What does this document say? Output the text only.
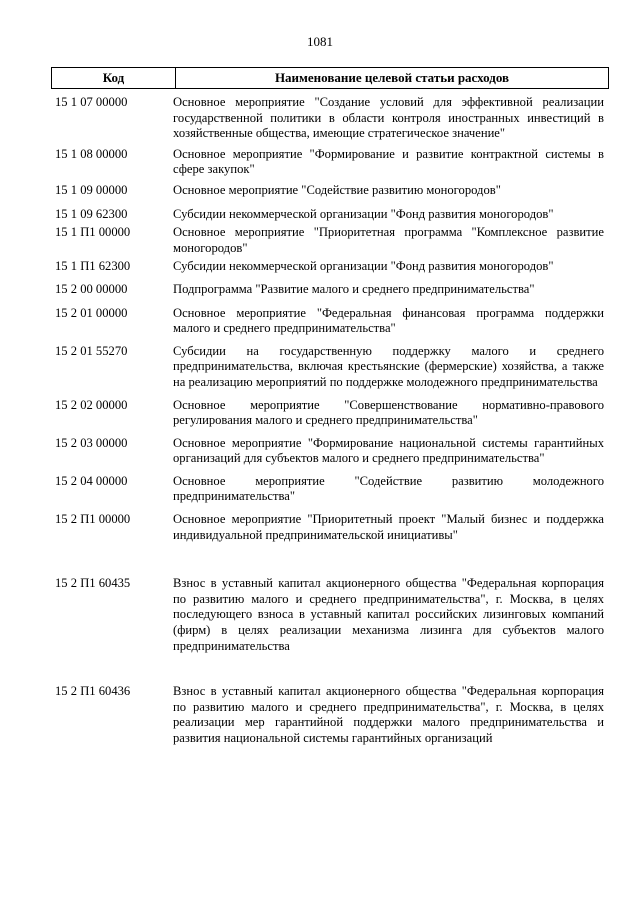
1081
Код	Наименование целевой статьи расходов
15 1 07 00000	Основное мероприятие "Создание условий для эффективной реализации государственной политики в области контроля иностранных инвестиций в хозяйственные общества, имеющие стратегическое значение"
15 1 08 00000	Основное мероприятие "Формирование и развитие контрактной системы в сфере закупок"
15 1 09 00000	Основное мероприятие "Содействие развитию моногородов"
15 1 09 62300	Субсидии некоммерческой организации "Фонд развития моногородов"
15 1 П1 00000	Основное мероприятие "Приоритетная программа "Комплексное развитие моногородов"
15 1 П1 62300	Субсидии некоммерческой организации "Фонд развития моногородов"
15 2 00 00000	Подпрограмма "Развитие малого и среднего предпринимательства"
15 2 01 00000	Основное мероприятие "Федеральная финансовая программа поддержки малого и среднего предпринимательства"
15 2 01 55270	Субсидии на государственную поддержку малого и среднего предпринимательства, включая крестьянские (фермерские) хозяйства, а также на реализацию мероприятий по поддержке молодежного предпринимательства
15 2 02 00000	Основное мероприятие "Совершенствование нормативно-правового регулирования малого и среднего предпринимательства"
15 2 03 00000	Основное мероприятие "Формирование национальной системы гарантийных организаций для субъектов малого и среднего предпринимательства"
15 2 04 00000	Основное мероприятие "Содействие развитию молодежного предпринимательства"
15 2 П1 00000	Основное мероприятие "Приоритетный проект "Малый бизнес и поддержка индивидуальной предпринимательской инициативы"
15 2 П1 60435	Взнос в уставный капитал акционерного общества "Федеральная корпорация по развитию малого и среднего предпринимательства", г. Москва, в целях последующего взноса в уставный капитал российских лизинговых компаний (фирм) в целях реализации механизма лизинга для субъектов малого предпринимательства
15 2 П1 60436	Взнос в уставный капитал акционерного общества "Федеральная корпорация по развитию малого и среднего предпринимательства", г. Москва, в целях реализации мер гарантийной поддержки малого предпринимательства и развития национальной системы гарантийных организаций
